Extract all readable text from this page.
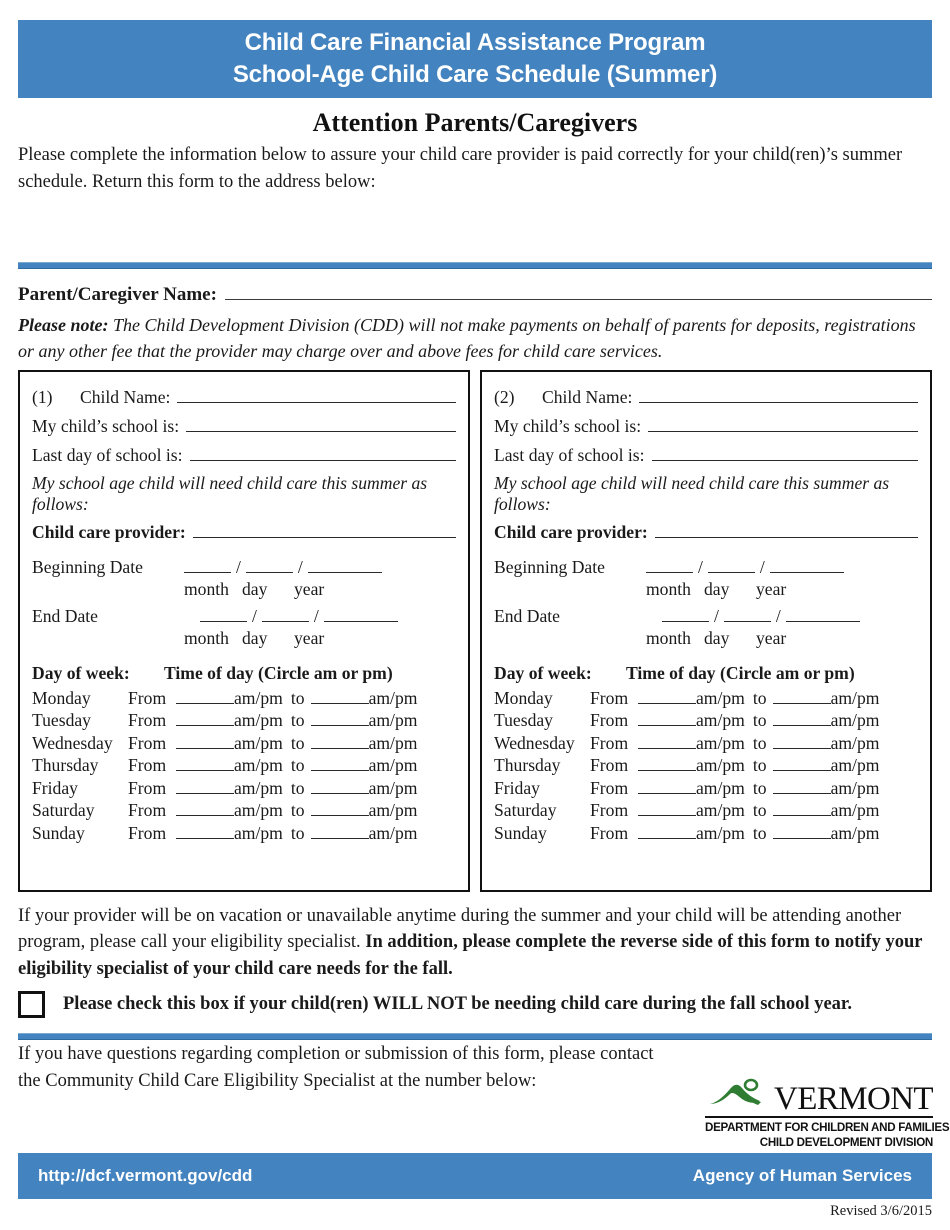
Child Care Financial Assistance Program
School-Age Child Care Schedule (Summer)
Attention Parents/Caregivers
Please complete the information below to assure your child care provider is paid correctly for your child(ren)’s summer schedule. Return this form to the address below:
Parent/Caregiver Name:
Please note: The Child Development Division (CDD) will not make payments on behalf of parents for deposits, registrations or any other fee that the provider may charge over and above fees for child care services.
(1)	Child Name:
My child’s school is:
Last day of school is:
My school age child will need child care this summer as follows:
Child care provider:
Beginning Date	/	/
month day	year
End Date	/	/
month day	year
Day of week:	Time of day (Circle am or pm)
Monday	From	am/pm to	am/pm
Tuesday	From	am/pm to	am/pm
Wednesday From	am/pm to	am/pm
Thursday	From	am/pm to	am/pm
Friday	From	am/pm to	am/pm
Saturday	From	am/pm to	am/pm
Sunday	From	am/pm to	am/pm
(2)	Child Name:
My child’s school is:
Last day of school is:
My school age child will need child care this summer as follows:
Child care provider:
Beginning Date	/	/
month day	year
End Date	/	/
month day	year
Day of week:	Time of day (Circle am or pm)
Monday	From	am/pm to	am/pm
Tuesday	From	am/pm to	am/pm
Wednesday From	am/pm to	am/pm
Thursday	From	am/pm to	am/pm
Friday	From	am/pm to	am/pm
Saturday	From	am/pm to	am/pm
Sunday	From	am/pm to	am/pm
If your provider will be on vacation or unavailable anytime during the summer and your child will be attending another program, please call your eligibility specialist. In addition, please complete the reverse side of this form to notify your eligibility specialist of your child care needs for the fall.
Please check this box if your child(ren) WILL NOT be needing child care during the fall school year.
If you have questions regarding completion or submission of this form, please contact
the Community Child Care Eligibility Specialist at the number below:	VERMONT
DEPARTMENT FOR CHILDREN AND FAMILIES
CHILD DEVELOPMENT DIVISION
http://dcf.vermont.gov/cdd	Agency of Human Services
Revised 3/6/2015
